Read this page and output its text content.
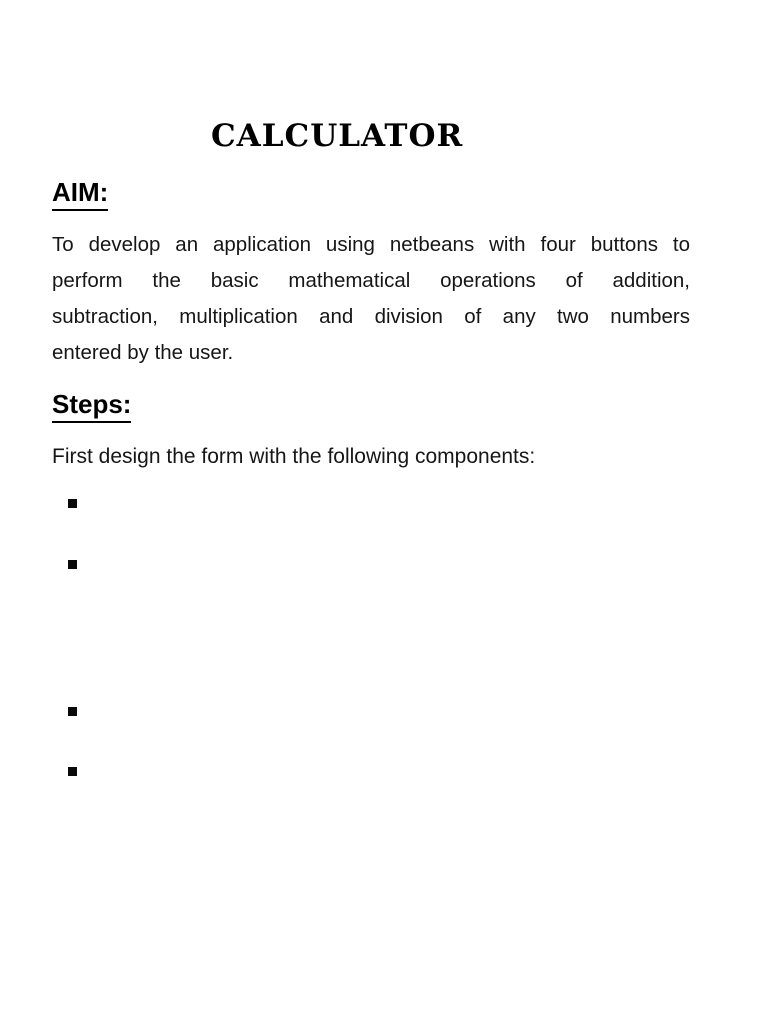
CALCULATOR
AIM:
To develop an application using netbeans with four buttons to
perform the basic mathematical operations of addition,
subtraction, multiplication and division of any two numbers
entered by the user.
Steps:
First design the form with the following components:
